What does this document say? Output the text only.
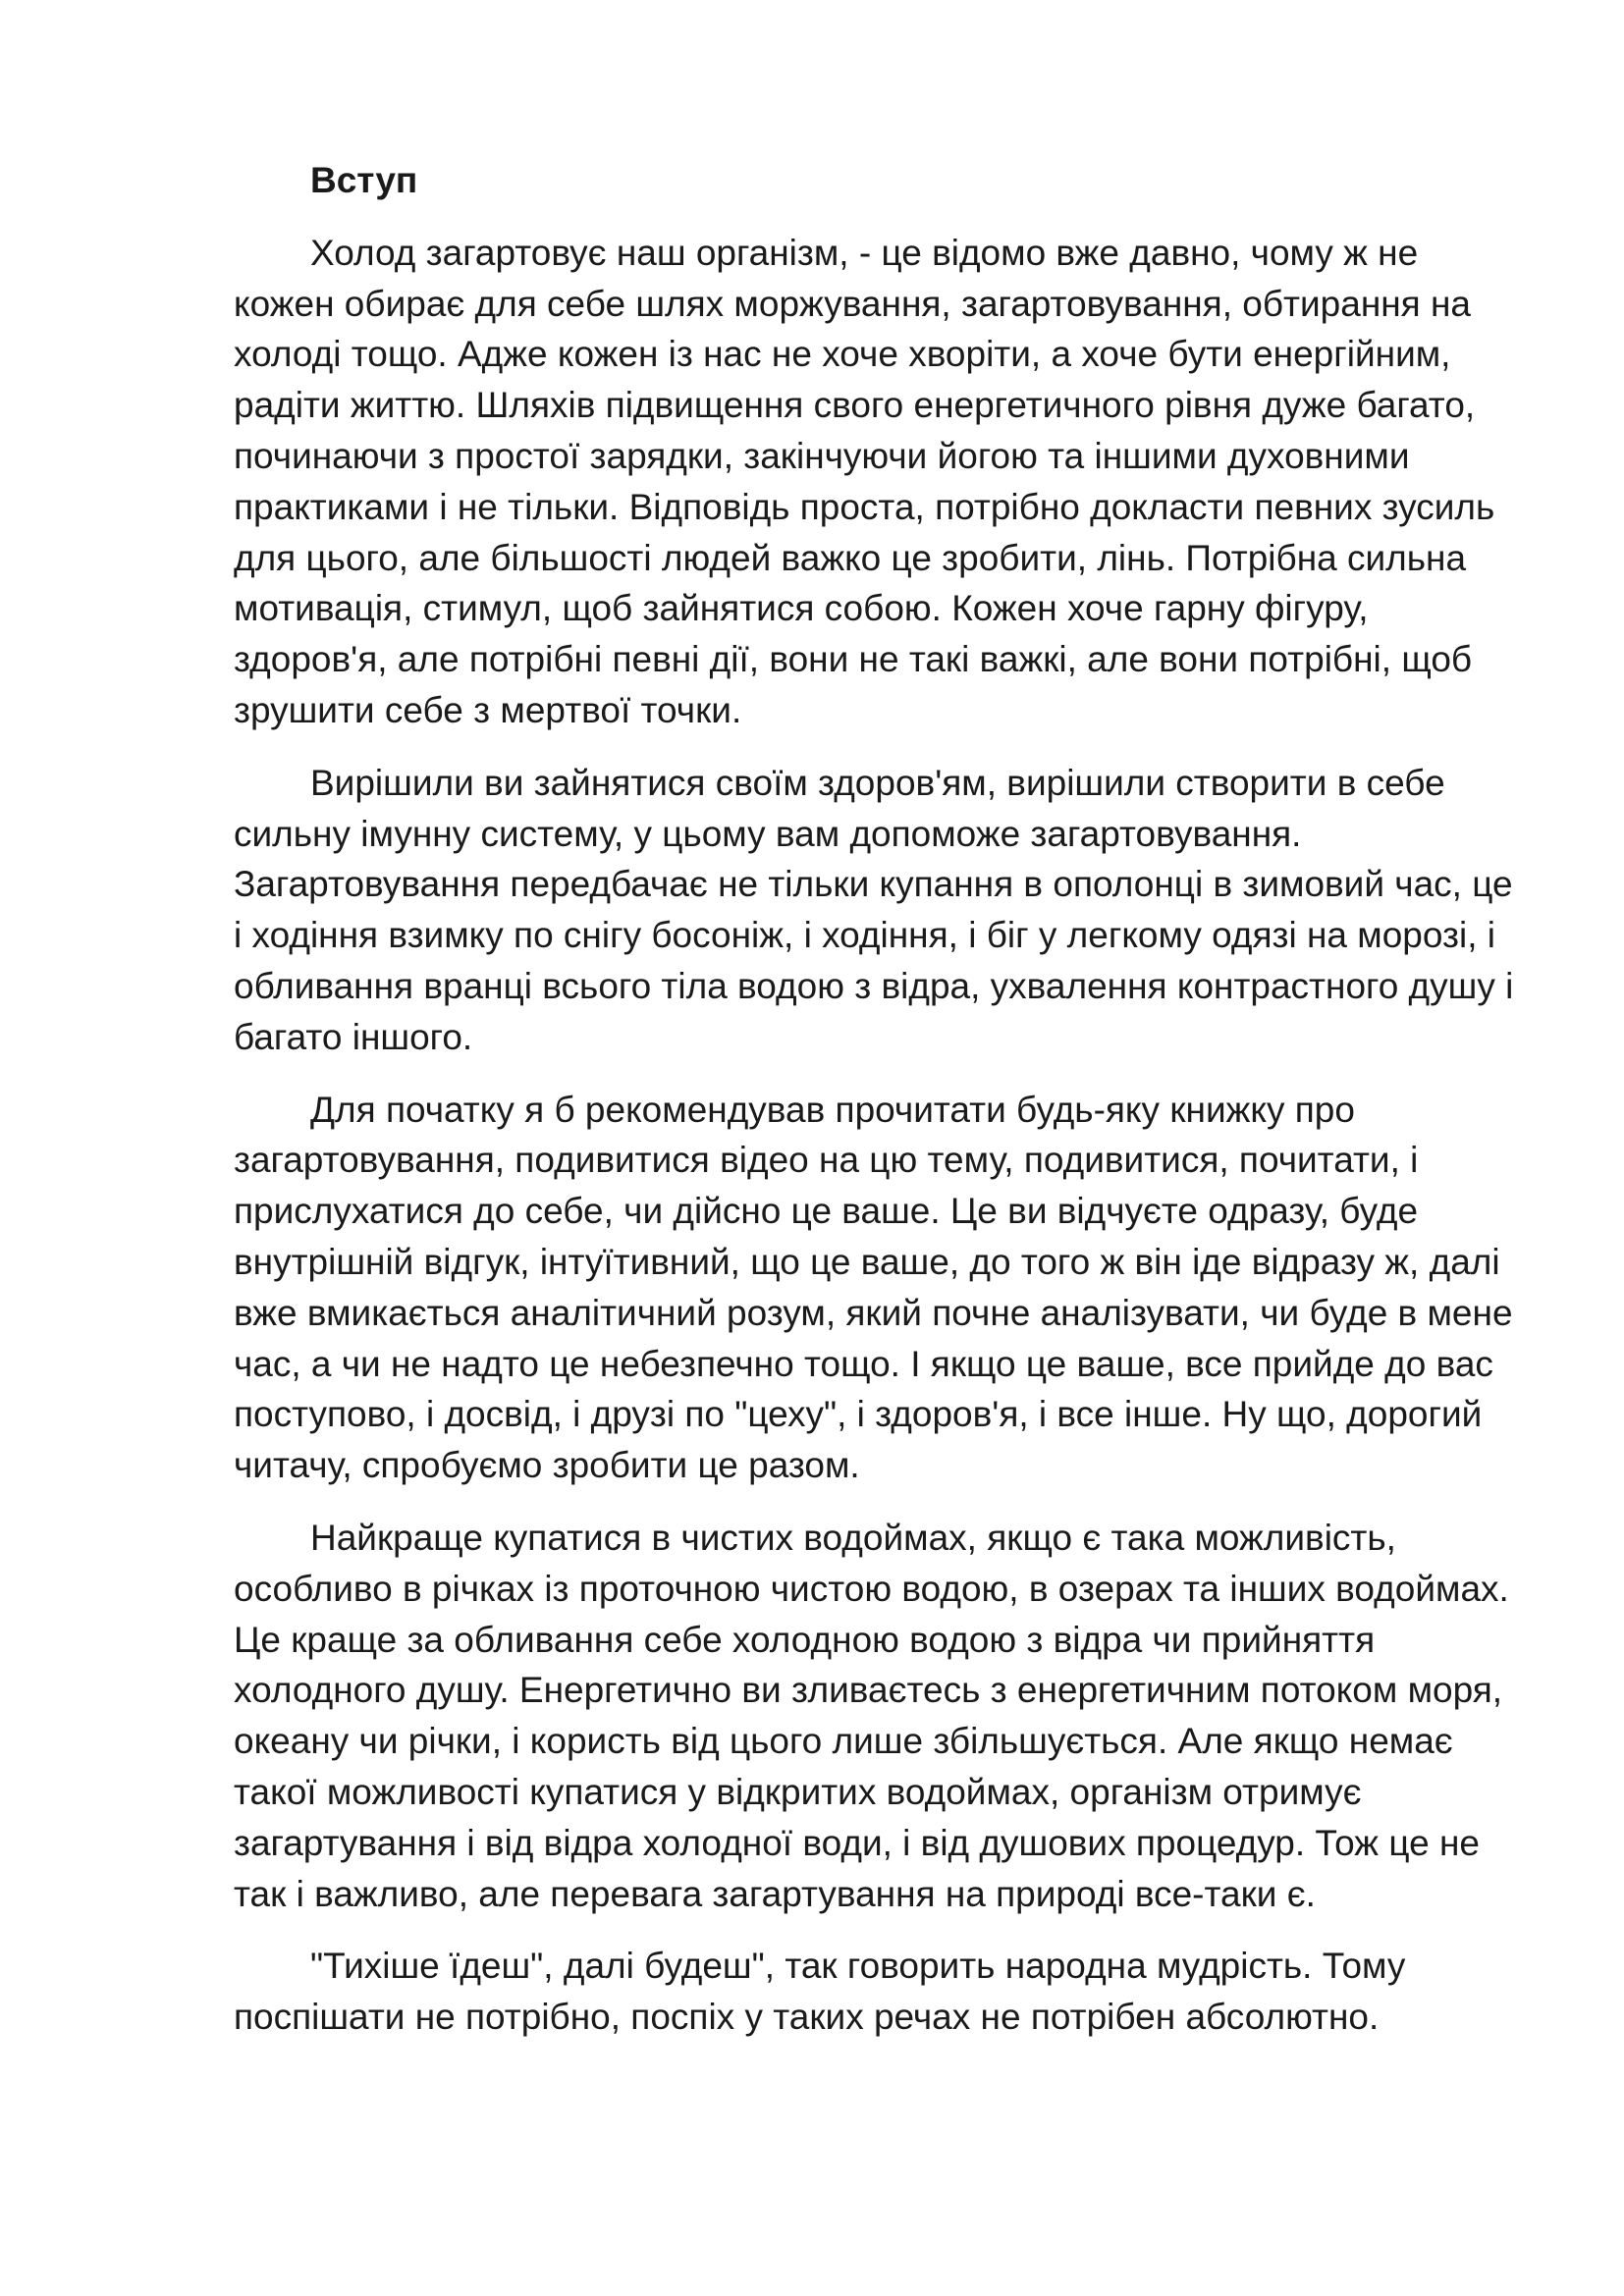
Вступ

Холод загартовує наш організм, - це відомо вже давно, чому ж не кожен обирає для себе шлях моржування, загартовування, обтирання на холоді тощо. Адже кожен із нас не хоче хворіти, а хоче бути енергійним, радіти життю. Шляхів підвищення свого енергетичного рівня дуже багато, починаючи з простої зарядки, закінчуючи йогою та іншими духовними практиками і не тільки. Відповідь проста, потрібно докласти певних зусиль для цього, але більшості людей важко це зробити, лінь. Потрібна сильна мотивація, стимул, щоб зайнятися собою. Кожен хоче гарну фігуру, здоров'я, але потрібні певні дії, вони не такі важкі, але вони потрібні, щоб зрушити себе з мертвої точки.

Вирішили ви зайнятися своїм здоров'ям, вирішили створити в себе сильну імунну систему, у цьому вам допоможе загартовування. Загартовування передбачає не тільки купання в ополонці в зимовий час, це і ходіння взимку по снігу босоніж, і ходіння, і біг у легкому одязі на морозі, і обливання вранці всього тіла водою з відра, ухвалення контрастного душу і багато іншого.

Для початку я б рекомендував прочитати будь-яку книжку про загартовування, подивитися відео на цю тему, подивитися, почитати, і прислухатися до себе, чи дійсно це ваше. Це ви відчуєте одразу, буде внутрішній відгук, інтуїтивний, що це ваше, до того ж він іде відразу ж, далі вже вмикається аналітичний розум, який почне аналізувати, чи буде в мене час, а чи не надто це небезпечно тощо. І якщо це ваше, все прийде до вас поступово, і досвід, і друзі по "цеху", і здоров'я, і все інше. Ну що, дорогий читачу, спробуємо зробити це разом.

Найкраще купатися в чистих водоймах, якщо є така можливість, особливо в річках із проточною чистою водою, в озерах та інших водоймах. Це краще за обливання себе холодною водою з відра чи прийняття холодного душу. Енергетично ви зливаєтесь з енергетичним потоком моря, океану чи річки, і користь від цього лише збільшується. Але якщо немає такої можливості купатися у відкритих водоймах, організм отримує загартування і від відра холодної води, і від душових процедур. Тож це не так і важливо, але перевага загартування на природі все-таки є.

"Тихіше їдеш", далі будеш", так говорить народна мудрість. Тому поспішати не потрібно, поспіх у таких речах не потрібен абсолютно.
